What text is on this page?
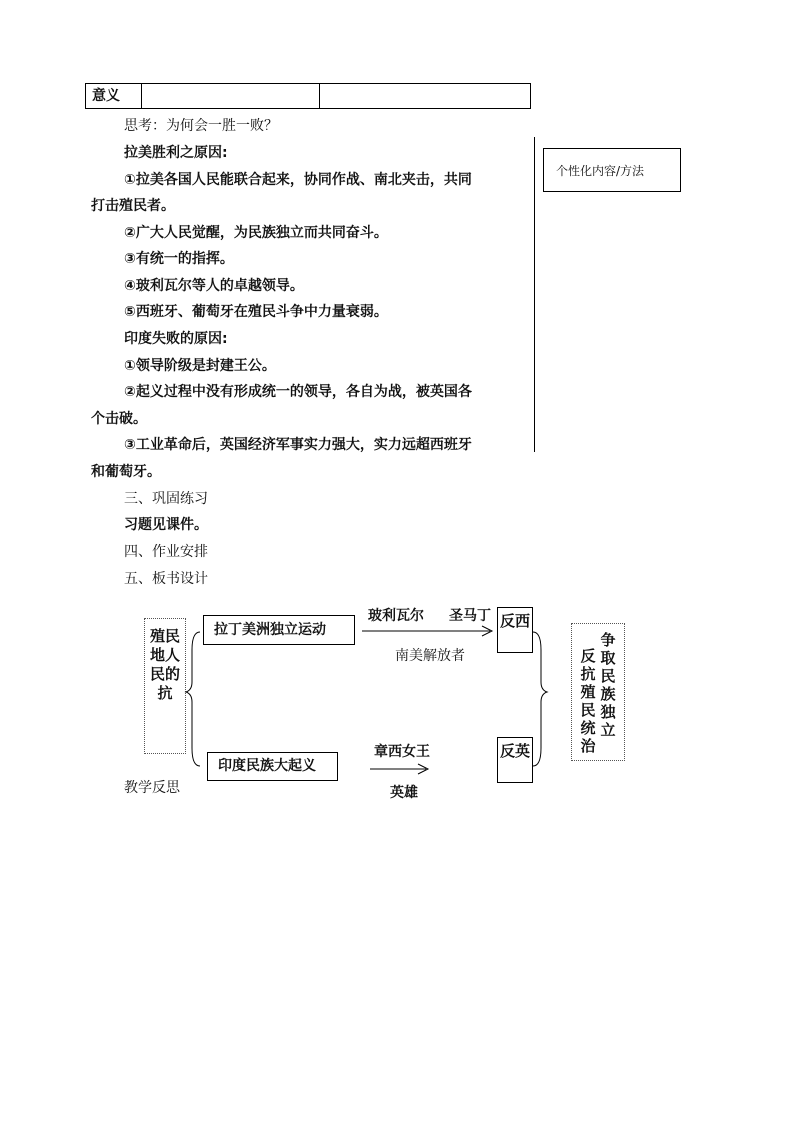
意义
个性化内容/方法
思考：为何会一胜一败？
拉美胜利之原因:
①拉美各国人民能联合起来，协同作战、南北夹击，共同
打击殖民者。
②广大人民觉醒，为民族独立而共同奋斗。
③有统一的指挥。
④玻利瓦尔等人的卓越领导。
⑤西班牙、葡萄牙在殖民斗争中力量衰弱。
印度失败的原因:
①领导阶级是封建王公。
②起义过程中没有形成统一的领导，各自为战，被英国各
个击破。
③工业革命后，英国经济军事实力强大，实力远超西班牙
和葡萄牙。
三、巩固练习
习题见课件。
四、作业安排
五、板书设计
殖民地人民的抗
拉丁美洲独立运动
印度民族大起义
玻利瓦尔 圣马丁
南美解放者
章西女王
英雄
反西
反英
反抗殖民统治
争取民族独立
教学反思
